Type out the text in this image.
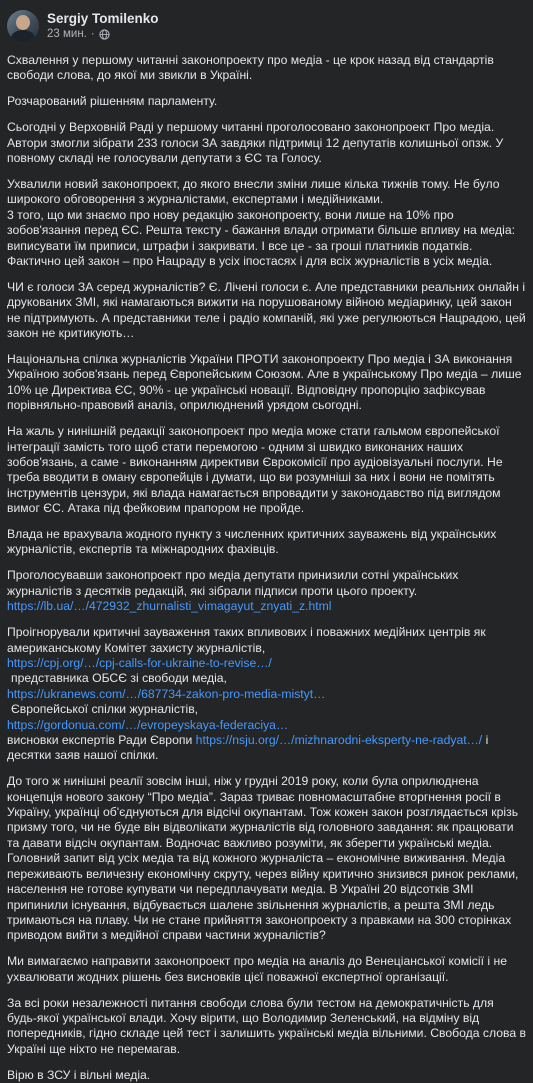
Sergiy Tomilenko
23 мин. ·

Схвалення у першому читанні законопроекту про медіа - це крок назад від стандартів свободи слова, до якої ми звикли в Україні.

Розчарований рішенням парламенту.

Сьогодні у Верховній Раді у першому читанні проголосовано законопроект Про медіа. Автори змогли зібрати 233 голоси ЗА завдяки підтримці 12 депутатів колишньої опзж. У повному складі не голосували депутати з ЄС та Голосу.

Ухвалили новий законопроект, до якого внесли зміни лише кілька тижнів тому. Не було широкого обговорення з журналістами, експертами і медійниками.
3 того, що ми знаємо про нову редакцію законопроекту, вони лише на 10% про зобов'язання перед ЄС. Решта тексту - бажання влади отримати більше впливу на медіа: виписувати їм приписи, штрафи і закривати. І все це - за гроші платників податків. Фактично цей закон – про Нацраду в усіх іпостасях і для всіх журналістів в усіх медіа.

ЧИ є голоси ЗА серед журналістів? Є. Лічені голоси є. Але представники реальних онлайн і друкованих ЗМІ, які намагаються вижити на порушованому війною медіаринку, цей закон не підтримують. А представники теле і радіо компаній, які уже регулюються Нацрадою, цей закон не критикують…

Національна спілка журналістів України ПРОТИ законопроекту Про медіа і ЗА виконання Україною зобов'язань перед Європейським Союзом. Але в українському Про медіа – лише 10% це Директива ЄС, 90% - це українські новації. Відповідну пропорцію зафіксував порівняльно-правовий аналіз, оприлюднений урядом сьогодні.

На жаль у нинішній редакції законопроект про медіа може стати гальмом європейської інтеграції замість того щоб стати перемогою - одним зі швидко виконаних наших зобов'язань, а саме - виконанням директиви Єврокомісії про аудіовізуальні послуги. Не треба вводити в оману європейців і думати, що ви розумніші за них і вони не помітять інструментів цензури, які влада намагається впровадити у законодавство під виглядом вимог ЄС. Атака під фейковим прапором не пройде.

Влада не врахувала жодного пункту з численних критичних зауважень від українських журналістів, експертів та міжнародних фахівців.

Проголосувавши законопроект про медіа депутати принизили сотні українських журналістів з десятків редакцій, які зібрали підписи проти цього проекту.
https://lb.ua/…/472932_zhurnalisti_vimagayut_znyati_z.html

Проігнорували критичні зауваження таких впливових і поважних медійних центрів як американському Комітет захисту журналістів,

https://cpj.org/…/cpj-calls-for-ukraine-to-revise…/

представника ОБСЄ зі свободи медіа,

https://ukranews.com/…/687734-zakon-pro-media-mistyt…

Європейської спілки журналістів,

https://gordonua.com/…/evropeyskaya-federaciya…

висновки експертів Ради Європи https://nsju.org/…/mizhnarodni-eksperty-ne-radyat…/ і десятки заяв нашої спілки.

До того ж нинішні реалії зовсім інші, ніж у грудні 2019 року, коли була оприлюднена концепція нового закону “Про медіа”. Зараз триває повномасштабне вторгнення росії в Україну, українці об'єднуються для відсічі окупантам. Тож кожен закон розглядається крізь призму того, чи не буде він відволікати журналістів від головного завдання: як працювати та давати відсіч окупантам. Водночас важливо розуміти, як зберегти українські медіа. Головний запит від усіх медіа та від кожного журналіста – економічне виживання. Медіа переживають величезну економічну скруту, через війну критично знизився ринок реклами, населення не готове купувати чи передплачувати медіа. В Україні 20 відсотків ЗМІ припинили існування, відбувається шалене звільнення журналістів, а решта ЗМІ ледь тримаються на плаву. Чи не стане прийняття законопроекту з правками на 300 сторінках приводом вийти з медійної справи частини журналістів?

Ми вимагаємо направити законопроект про медіа на аналіз до Венеціанської комісії і не ухвалювати жодних рішень без висновків цієї поважної експертної організації.

За всі роки незалежності питання свободи слова були тестом на демократичність для будь-якої української влади. Хочу вірити, що Володимир Зеленський, на відміну від попередників, гідно складе цей тест і залишить українські медіа вільними. Свобода слова в Україні ще ніхто не перемагав.

Вірю в ЗСУ і вільні медіа.
